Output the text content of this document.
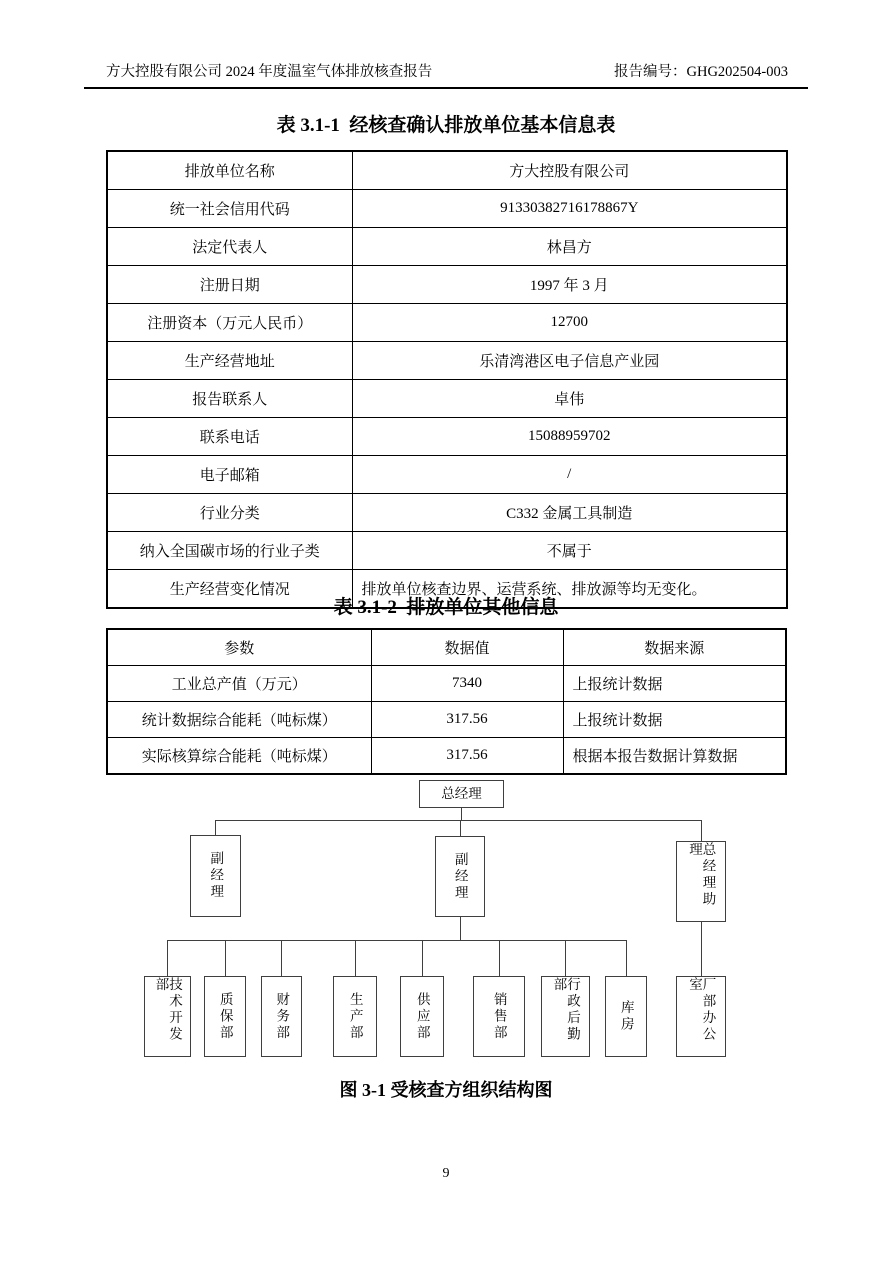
方大控股有限公司 2024 年度温室气体排放核查报告	报告编号：GHG202504-003
表 3.1-1  经核查确认排放单位基本信息表
排放单位名称	方大控股有限公司
统一社会信用代码	91330382716178867Y
法定代表人	林昌方
注册日期	1997 年 3 月
注册资本（万元人民币）	12700
生产经营地址	乐清湾港区电子信息产业园
报告联系人	卓伟
联系电话	15088959702
电子邮箱	/
行业分类	C332 金属工具制造
纳入全国碳市场的行业子类	不属于
生产经营变化情况	排放单位核查边界、运营系统、排放源等均无变化。
表 3.1-2  排放单位其他信息
参数	数据值	数据来源
工业总产值（万元）	7340	上报统计数据
统计数据综合能耗（吨标煤）	317.56	上报统计数据
实际核算综合能耗（吨标煤）	317.56	根据本报告数据计算数据
总经理
副经理	副经理	总经理助理
技术开发部
质保部	财务部	生产部	供应部	销售部	行政后勤部
库房	厂部办公室
图 3-1 受核查方组织结构图
9
